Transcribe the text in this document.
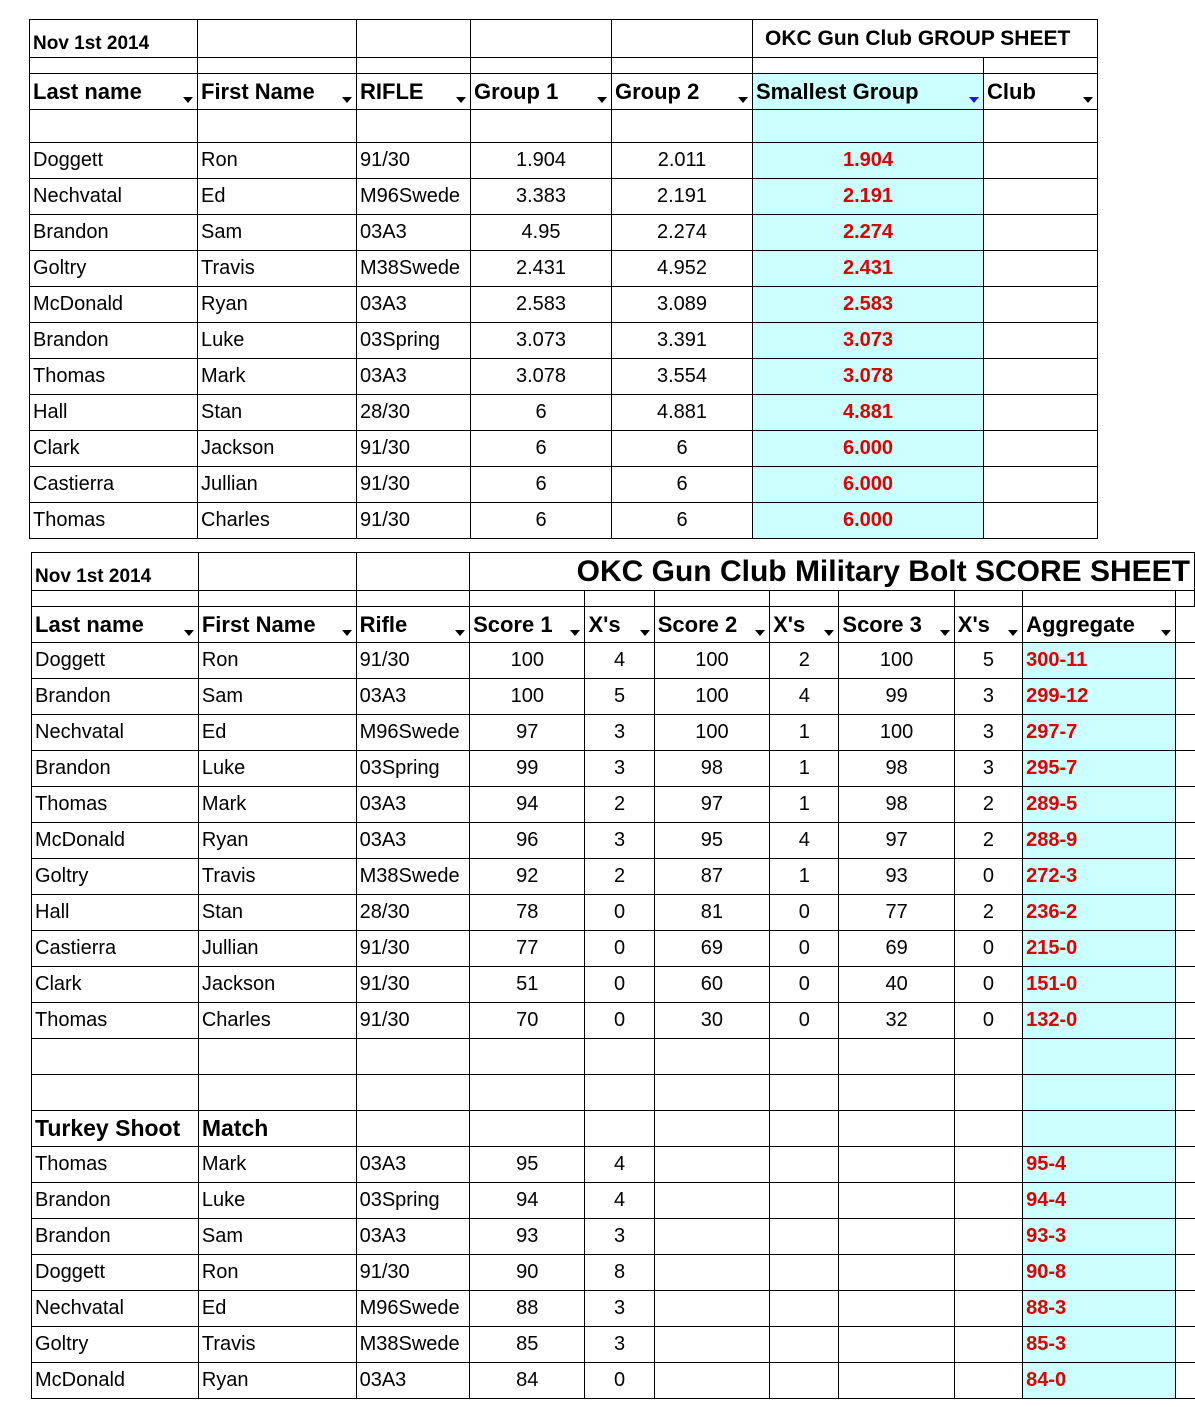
Nov 1st 2014					OKC Gun Club GROUP SHEET	

Last name	First Name	RIFLE	Group 1	Group 2	Smallest Group	Club

Doggett	Ron	91/30	1.904	2.011	1.904	
Nechvatal	Ed	M96Swede	3.383	2.191	2.191	
Brandon	Sam	03A3	4.95	2.274	2.274	
Goltry	Travis	M38Swede	2.431	4.952	2.431	
McDonald	Ryan	03A3	2.583	3.089	2.583	
Brandon	Luke	03Spring	3.073	3.391	3.073	
Thomas	Mark	03A3	3.078	3.554	3.078	
Hall	Stan	28/30	6	4.881	4.881	
Clark	Jackson	91/30	6	6	6.000	
Castierra	Jullian	91/30	6	6	6.000	
Thomas	Charles	91/30	6	6	6.000	
Nov 1st 2014			OKC Gun Club Military Bolt SCORE SHEET							

Last name	First Name	Rifle	Score 1	X's	Score 2	X's	Score 3	X's	Aggregate

Doggett	Ron	91/30	100	4	100	2	100	5	300-11	
Brandon	Sam	03A3	100	5	100	4	99	3	299-12	
Nechvatal	Ed	M96Swede	97	3	100	1	100	3	297-7	
Brandon	Luke	03Spring	99	3	98	1	98	3	295-7	
Thomas	Mark	03A3	94	2	97	1	98	2	289-5	
McDonald	Ryan	03A3	96	3	95	4	97	2	288-9	
Goltry	Travis	M38Swede	92	2	87	1	93	0	272-3	
Hall	Stan	28/30	78	0	81	0	77	2	236-2	
Castierra	Jullian	91/30	77	0	69	0	69	0	215-0	
Clark	Jackson	91/30	51	0	60	0	40	0	151-0	
Thomas	Charles	91/30	70	0	30	0	32	0	132-0	

Turkey Shoot	Match									
Thomas	Mark	03A3	95	4					95-4	
Brandon	Luke	03Spring	94	4					94-4	
Brandon	Sam	03A3	93	3					93-3	
Doggett	Ron	91/30	90	8					90-8	
Nechvatal	Ed	M96Swede	88	3					88-3	
Goltry	Travis	M38Swede	85	3					85-3	
McDonald	Ryan	03A3	84	0					84-0	
